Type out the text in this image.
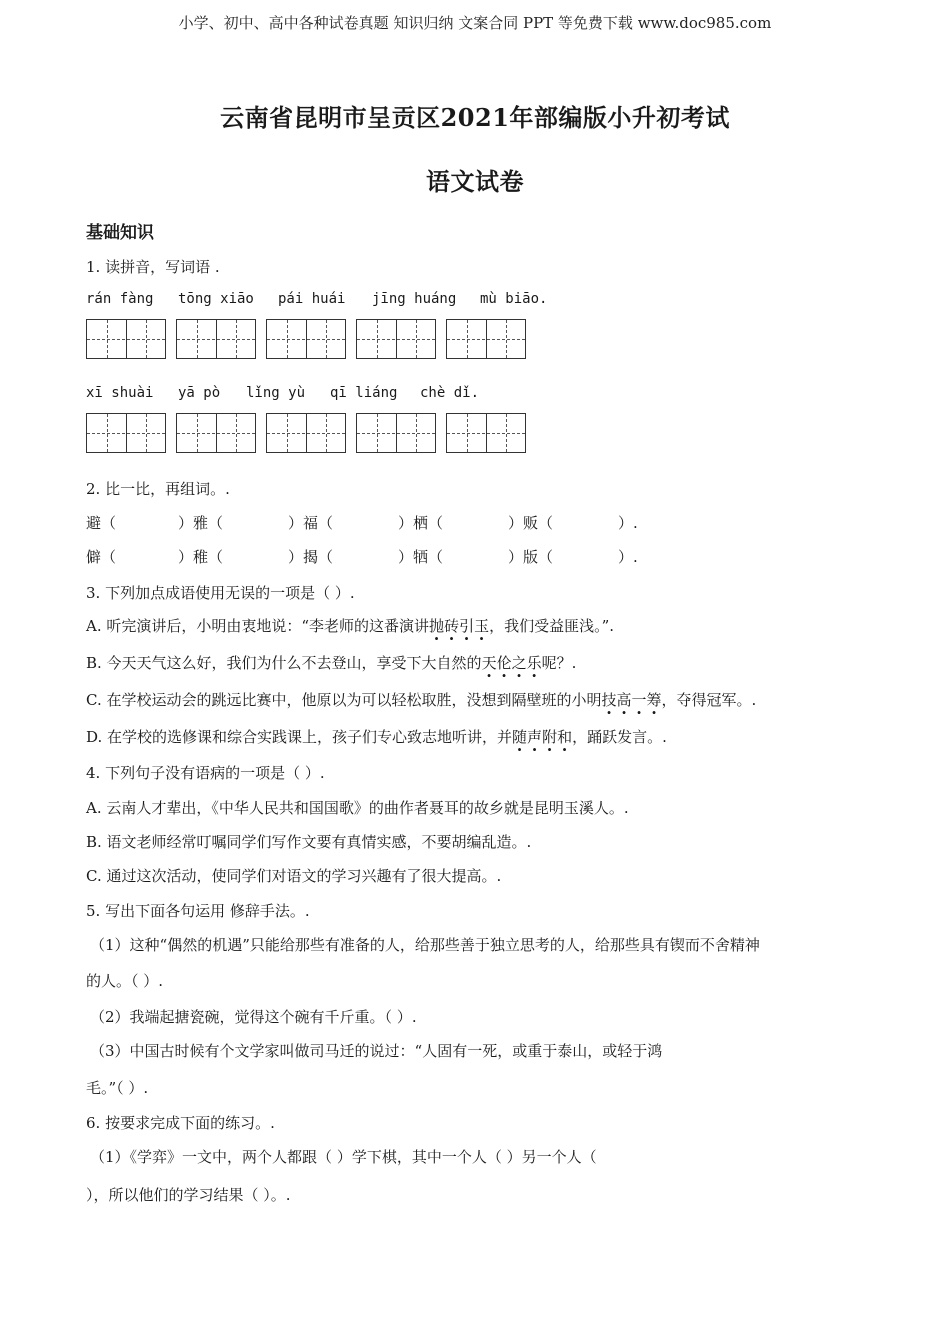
小学、初中、高中各种试卷真题 知识归纳 文案合同 PPT 等免费下载 www.doc985.com
云南省昆明市呈贡区2021年部编版小升初考试
语文试卷
基础知识
1. 读拼音，写词语 .
rán fàng tōng xiāo pái huái jīng huáng mù biāo.
xī shuài yā pò lǐng yù qī liáng chè dǐ.
2. 比一比，再组词。.
避（	）雅（	）福（	）栖（	）贩（	）.
僻（	）稚（	）揭（	）牺（	）版（	）.
3. 下列加点成语使用无误的一项是（ ）.
A. 听完演讲后，小明由衷地说：“李老师的这番演讲抛砖引玉，我们受益匪浅。”.
B. 今天天气这么好，我们为什么不去登山，享受下大自然的天伦之乐呢？.
C. 在学校运动会的跳远比赛中，他原以为可以轻松取胜，没想到隔壁班的小明技高一筹，夺得冠军。.
D. 在学校的选修课和综合实践课上，孩子们专心致志地听讲，并随声附和，踊跃发言。.
4. 下列句子没有语病的一项是（ ）.
A. 云南人才辈出，《中华人民共和国国歌》的曲作者聂耳的故乡就是昆明玉溪人。.
B. 语文老师经常叮嘱同学们写作文要有真情实感，不要胡编乱造。.
C. 通过这次活动，使同学们对语文的学习兴趣有了很大提高。.
5. 写出下面各句运用 修辞手法。.
（1）这种“偶然的机遇”只能给那些有准备的人，给那些善于独立思考的人，给那些具有锲而不舍精神
的人。（ ）.
（2）我端起搪瓷碗，觉得这个碗有千斤重。（ ）.
（3）中国古时候有个文学家叫做司马迁的说过：“人固有一死，或重于泰山，或轻于鸿
毛。”（ ）.
6. 按要求完成下面的练习。.
（1）《学弈》一文中，两个人都跟（ ）学下棋，其中一个人（ ）另一个人（
），所以他们的学习结果（ ）。.
